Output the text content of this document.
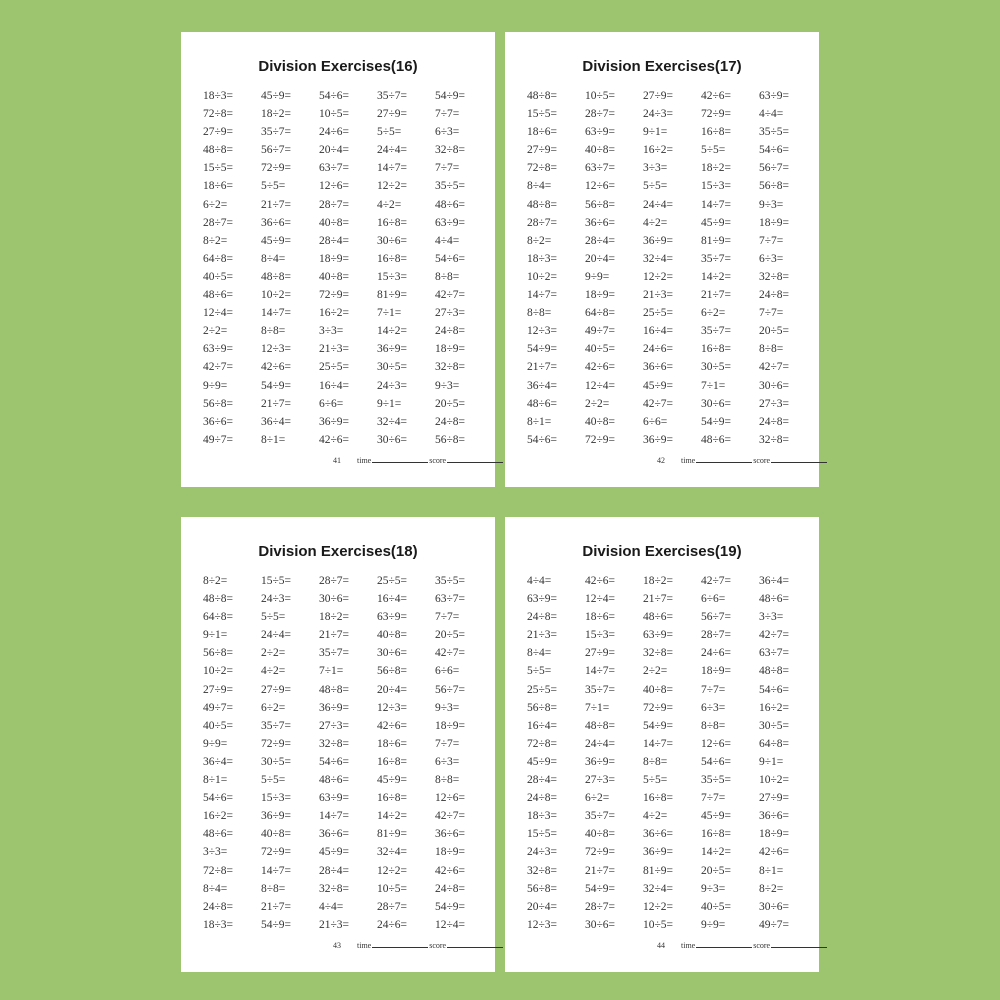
Division Exercises(16)
18÷3= 45÷9= 54÷6= 35÷7= 54÷9=
72÷8= 18÷2= 10÷5= 27÷9= 7÷7=
27÷9= 35÷7= 24÷6= 5÷5=	6÷3=
48÷8= 56÷7= 20÷4= 24÷4= 32÷8=
15÷5= 72÷9= 63÷7= 14÷7= 7÷7=
18÷6= 5÷5=	12÷6= 12÷2= 35÷5=
6÷2=	21÷7= 28÷7= 4÷2=	48÷6=
28÷7= 36÷6= 40÷8= 16÷8= 63÷9=
8÷2=	45÷9= 28÷4= 30÷6= 4÷4=
64÷8= 8÷4=	18÷9= 16÷8= 54÷6=
40÷5= 48÷8= 40÷8= 15÷3= 8÷8=
48÷6= 10÷2= 72÷9= 81÷9= 42÷7=
12÷4= 14÷7= 16÷2= 7÷1=	27÷3=
2÷2=	8÷8=	3÷3=	14÷2= 24÷8=
63÷9= 12÷3= 21÷3= 36÷9= 18÷9=
42÷7= 42÷6= 25÷5= 30÷5= 32÷8=
9÷9=	54÷9= 16÷4= 24÷3= 9÷3=
56÷8= 21÷7= 6÷6=	9÷1=	20÷5=
36÷6= 36÷4= 36÷9= 32÷4= 24÷8=
49÷7= 8÷1=	42÷6= 30÷6= 56÷8=
41 time	score
Division Exercises(17)
48÷8= 10÷5= 27÷9= 42÷6= 63÷9=
15÷5= 28÷7= 24÷3= 72÷9= 4÷4=
18÷6= 63÷9= 9÷1=	16÷8= 35÷5=
27÷9= 40÷8= 16÷2= 5÷5=	54÷6=
72÷8= 63÷7= 3÷3=	18÷2= 56÷7=
8÷4=	12÷6= 5÷5=	15÷3= 56÷8=
48÷8= 56÷8= 24÷4= 14÷7= 9÷3=
28÷7= 36÷6= 4÷2=	45÷9= 18÷9=
8÷2=	28÷4= 36÷9= 81÷9= 7÷7=
18÷3= 20÷4= 32÷4= 35÷7= 6÷3=
10÷2= 9÷9=	12÷2= 14÷2= 32÷8=
14÷7= 18÷9= 21÷3= 21÷7= 24÷8=
8÷8=	64÷8= 25÷5= 6÷2=	7÷7=
12÷3= 49÷7= 16÷4= 35÷7= 20÷5=
54÷9= 40÷5= 24÷6= 16÷8= 8÷8=
21÷7= 42÷6= 36÷6= 30÷5= 42÷7=
36÷4= 12÷4= 45÷9= 7÷1=	30÷6=
48÷6= 2÷2=	42÷7= 30÷6= 27÷3=
8÷1=	40÷8= 6÷6=	54÷9= 24÷8=
54÷6= 72÷9= 36÷9= 48÷6= 32÷8=
42 time	score
Division Exercises(18)
8÷2=	15÷5= 28÷7= 25÷5= 35÷5=
48÷8= 24÷3= 30÷6= 16÷4= 63÷7=
64÷8= 5÷5=	18÷2= 63÷9= 7÷7=
9÷1=	24÷4= 21÷7= 40÷8= 20÷5=
56÷8= 2÷2=	35÷7= 30÷6= 42÷7=
10÷2= 4÷2=	7÷1=	56÷8= 6÷6=
27÷9= 27÷9= 48÷8= 20÷4= 56÷7=
49÷7= 6÷2=	36÷9= 12÷3= 9÷3=
40÷5= 35÷7= 27÷3= 42÷6= 18÷9=
9÷9=	72÷9= 32÷8= 18÷6= 7÷7=
36÷4= 30÷5= 54÷6= 16÷8= 6÷3=
8÷1=	5÷5=	48÷6= 45÷9= 8÷8=
54÷6= 15÷3= 63÷9= 16÷8= 12÷6=
16÷2= 36÷9= 14÷7= 14÷2= 42÷7=
48÷6= 40÷8= 36÷6= 81÷9= 36÷6=
3÷3=	72÷9= 45÷9= 32÷4= 18÷9=
72÷8= 14÷7= 28÷4= 12÷2= 42÷6=
8÷4=	8÷8=	32÷8= 10÷5= 24÷8=
24÷8= 21÷7= 4÷4=	28÷7= 54÷9=
18÷3= 54÷9= 21÷3= 24÷6= 12÷4=
43 time	score
Division Exercises(19)
4÷4=	42÷6= 18÷2= 42÷7= 36÷4=
63÷9= 12÷4= 21÷7= 6÷6=	48÷6=
24÷8= 18÷6= 48÷6= 56÷7= 3÷3=
21÷3= 15÷3= 63÷9= 28÷7= 42÷7=
8÷4=	27÷9= 32÷8= 24÷6= 63÷7=
5÷5=	14÷7= 2÷2=	18÷9= 48÷8=
25÷5= 35÷7= 40÷8= 7÷7=	54÷6=
56÷8= 7÷1=	72÷9= 6÷3=	16÷2=
16÷4= 48÷8= 54÷9= 8÷8=	30÷5=
72÷8= 24÷4= 14÷7= 12÷6= 64÷8=
45÷9= 36÷9= 8÷8=	54÷6= 9÷1=
28÷4= 27÷3= 5÷5=	35÷5= 10÷2=
24÷8= 6÷2=	16÷8= 7÷7=	27÷9=
18÷3= 35÷7= 4÷2=	45÷9= 36÷6=
15÷5= 40÷8= 36÷6= 16÷8= 18÷9=
24÷3= 72÷9= 36÷9= 14÷2= 42÷6=
32÷8= 21÷7= 81÷9= 20÷5= 8÷1=
56÷8= 54÷9= 32÷4= 9÷3=	8÷2=
20÷4= 28÷7= 12÷2= 40÷5= 30÷6=
12÷3= 30÷6= 10÷5= 9÷9=	49÷7=
44 time	score
